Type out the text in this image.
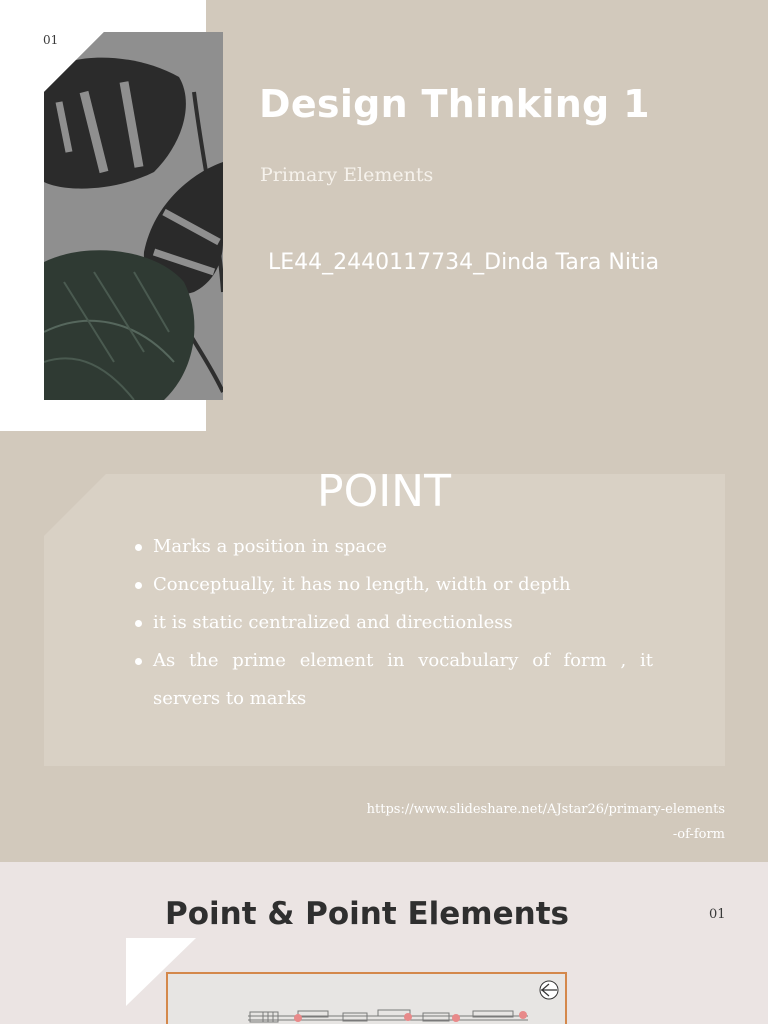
01
Design Thinking 1
Primary Elements
LE44_2440117734_Dinda Tara Nitia
POINT
Marks a position in space
Conceptually, it has no length, width or depth
it is static centralized and directionless
As the prime element in vocabulary of form , it servers to marks
https://www.slideshare.net/AJstar26/primary-elements-of-form
Point & Point Elements	01
